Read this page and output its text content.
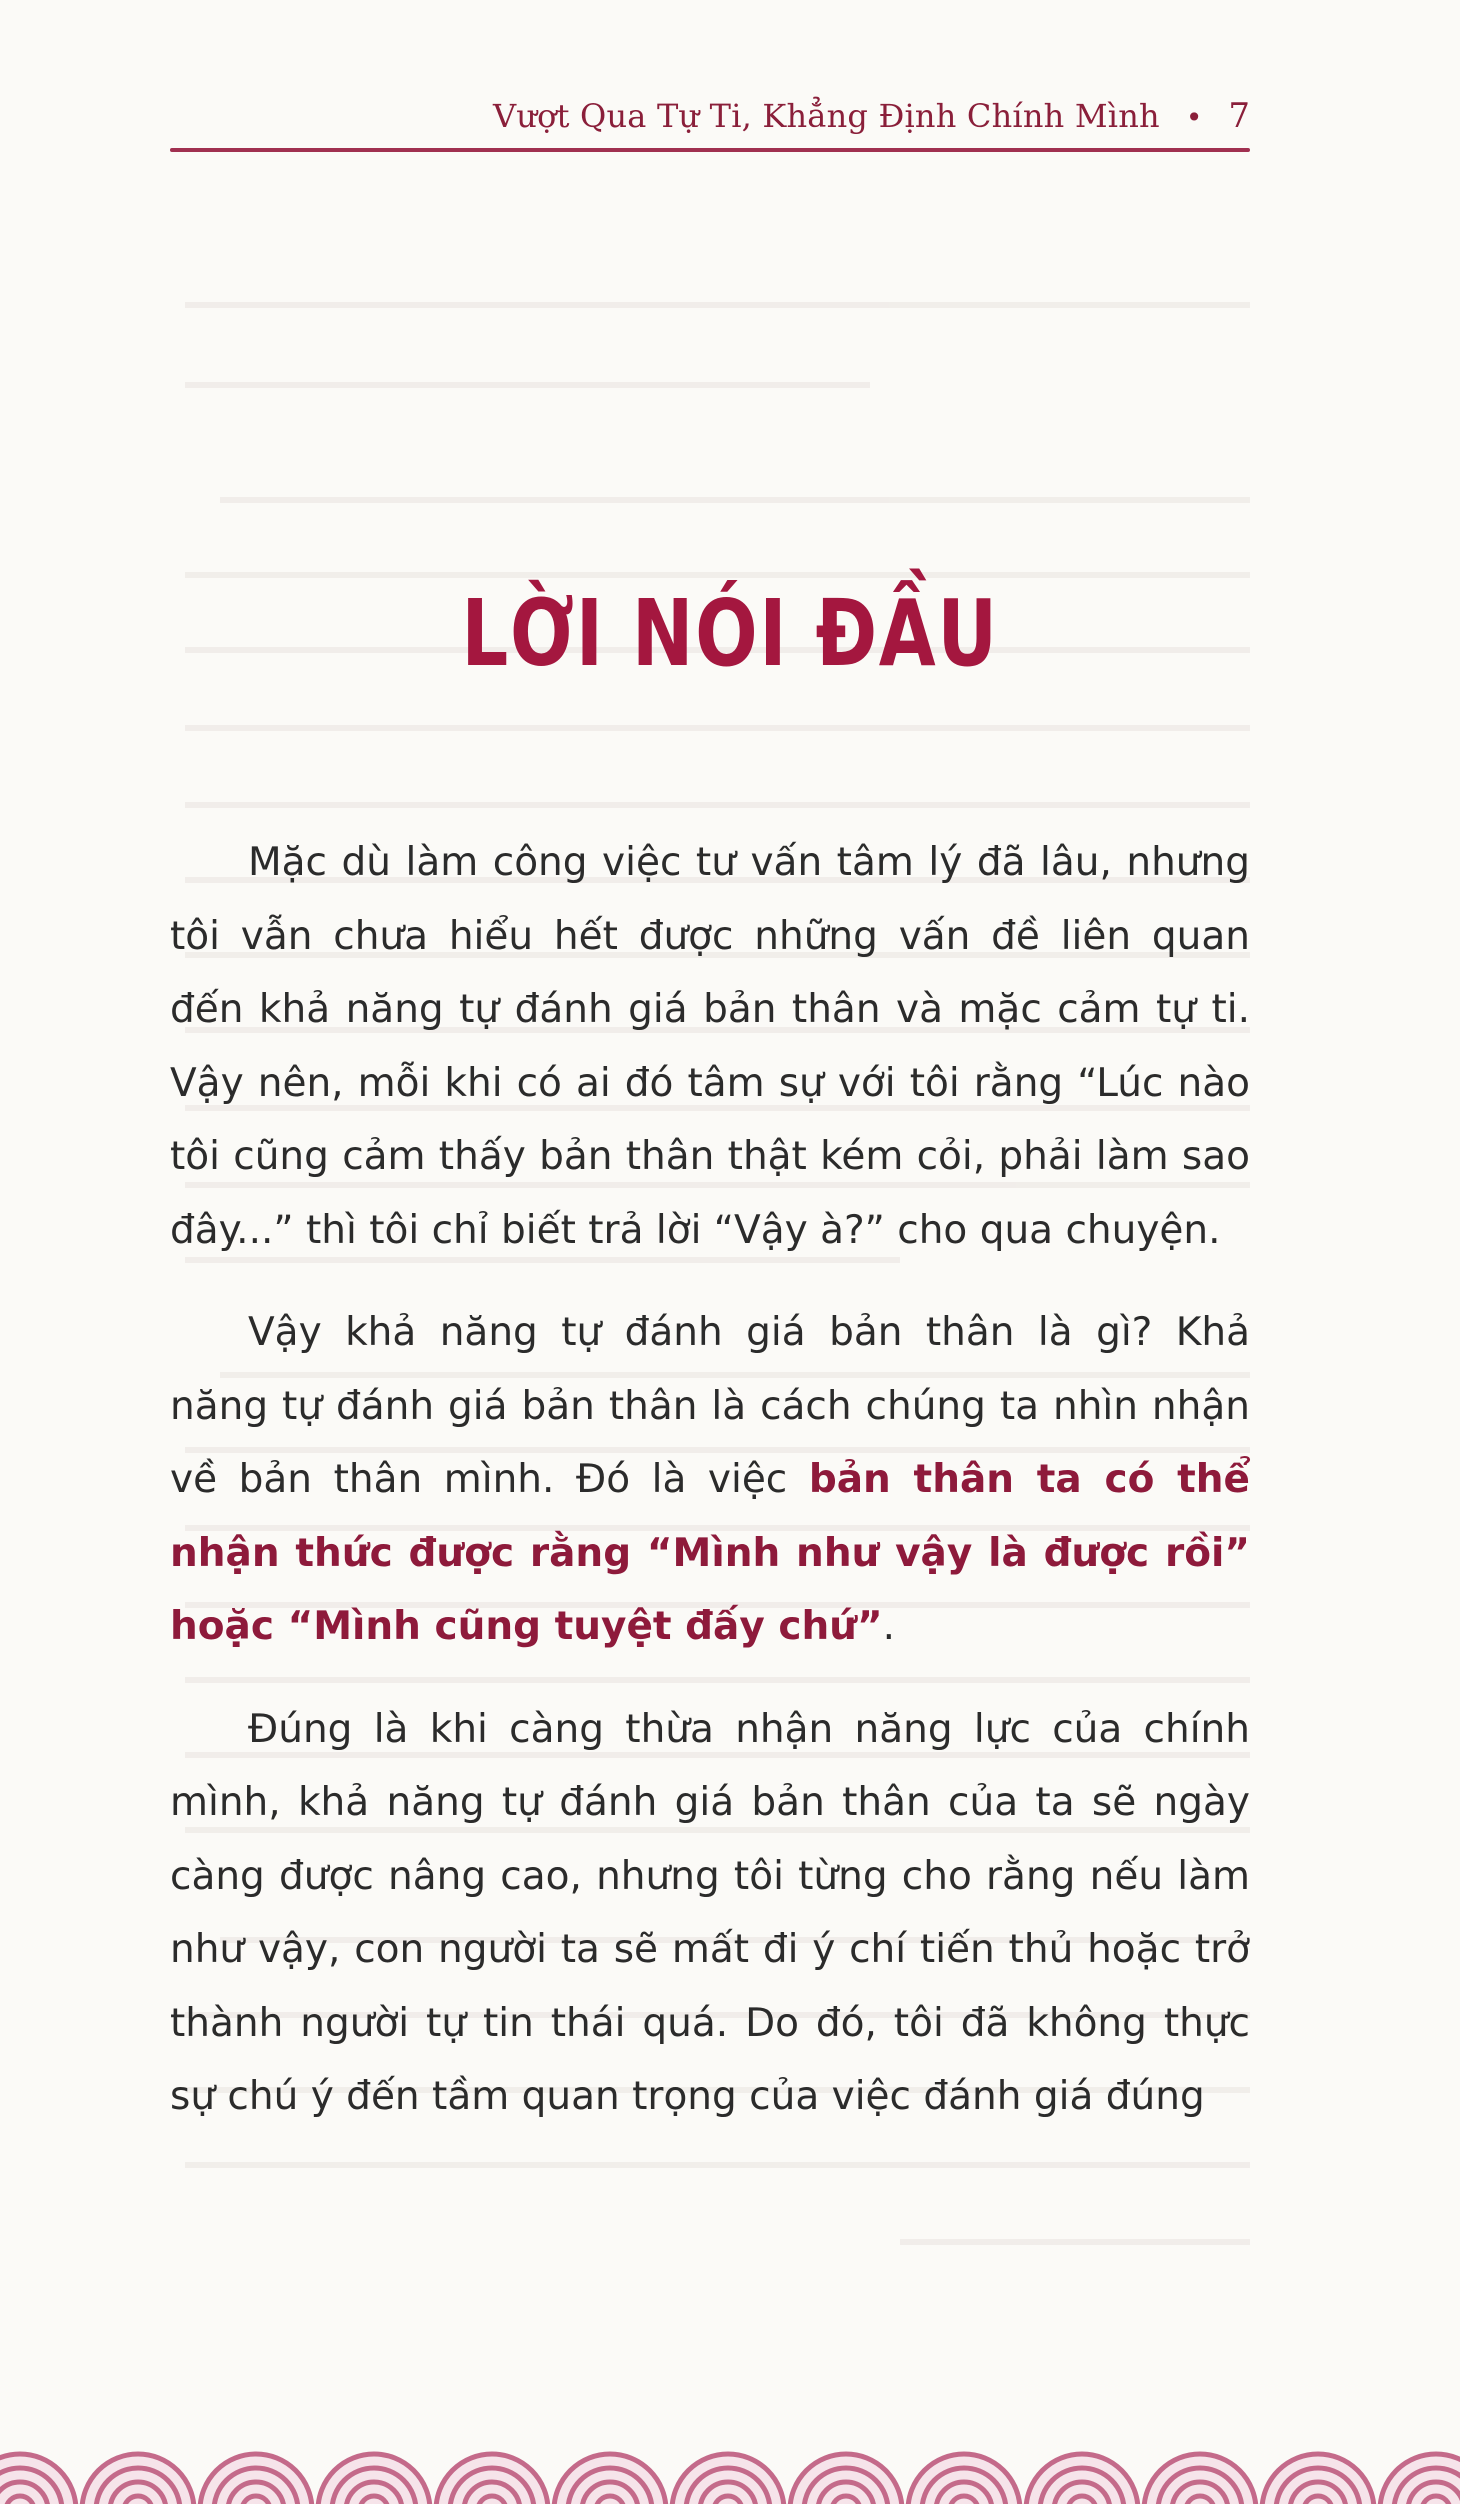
Vượt Qua Tự Ti, Khẳng Định Chính Mình • 7
LỜI NÓI ĐẦU

Mặc dù làm công việc tư vấn tâm lý đã lâu, nhưng tôi vẫn chưa hiểu hết được những vấn đề liên quan đến khả năng tự đánh giá bản thân và mặc cảm tự ti. Vậy nên, mỗi khi có ai đó tâm sự với tôi rằng “Lúc nào tôi cũng cảm thấy bản thân thật kém cỏi, phải làm sao đây...” thì tôi chỉ biết trả lời “Vậy à?” cho qua chuyện.

Vậy khả năng tự đánh giá bản thân là gì? Khả năng tự đánh giá bản thân là cách chúng ta nhìn nhận về bản thân mình. Đó là việc bản thân ta có thể nhận thức được rằng “Mình như vậy là được rồi” hoặc “Mình cũng tuyệt đấy chứ”.

Đúng là khi càng thừa nhận năng lực của chính mình, khả năng tự đánh giá bản thân của ta sẽ ngày càng được nâng cao, nhưng tôi từng cho rằng nếu làm như vậy, con người ta sẽ mất đi ý chí tiến thủ hoặc trở thành người tự tin thái quá. Do đó, tôi đã không thực sự chú ý đến tầm quan trọng của việc đánh giá đúng
